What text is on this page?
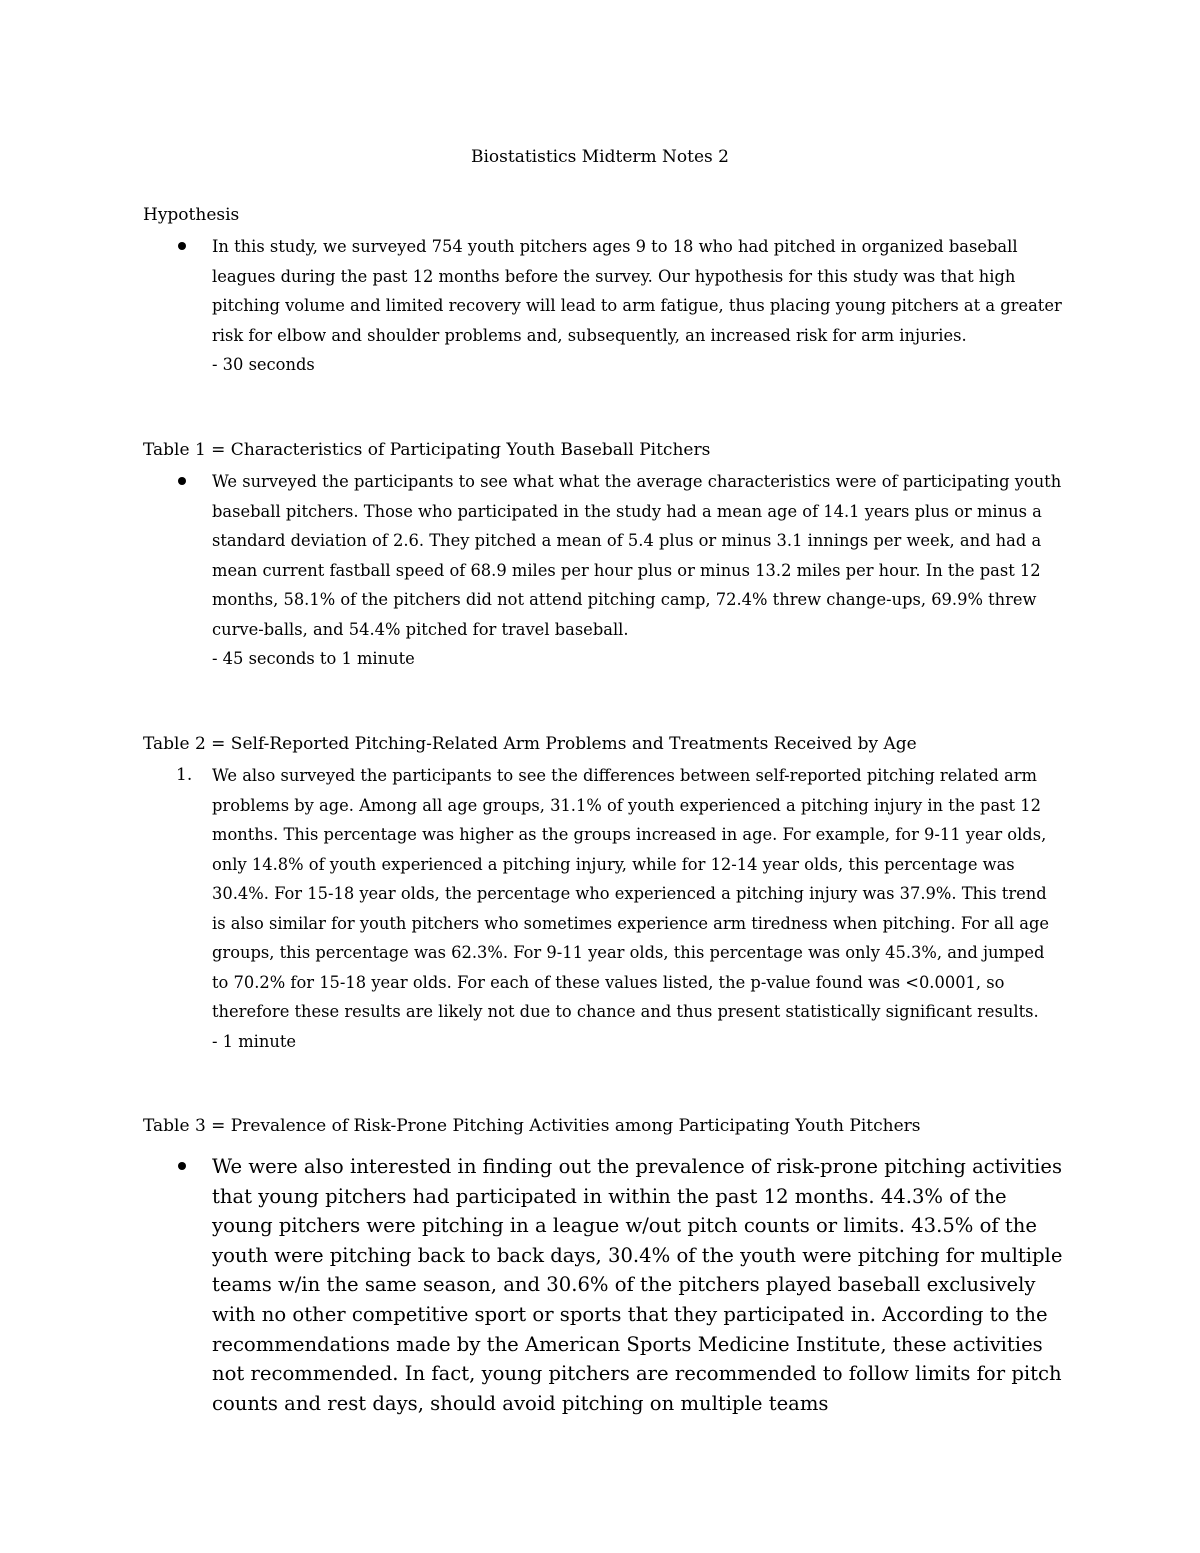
Biostatistics Midterm Notes 2
Hypothesis
In this study, we surveyed 754 youth pitchers ages 9 to 18 who had pitched in organized baseball leagues during the past 12 months before the survey. Our hypothesis for this study was that high pitching volume and limited recovery will lead to arm fatigue, thus placing young pitchers at a greater risk for elbow and shoulder problems and, subsequently, an increased risk for arm injuries.
- 30 seconds
Table 1 = Characteristics of Participating Youth Baseball Pitchers
We surveyed the participants to see what what the average characteristics were of participating youth baseball pitchers. Those who participated in the study had a mean age of 14.1 years plus or minus a standard deviation of 2.6. They pitched a mean of 5.4 plus or minus 3.1 innings per week, and had a mean current fastball speed of 68.9 miles per hour plus or minus 13.2 miles per hour. In the past 12 months, 58.1% of the pitchers did not attend pitching camp, 72.4% threw change-ups, 69.9% threw curve-balls, and 54.4% pitched for travel baseball.
- 45 seconds to 1 minute
Table 2 = Self-Reported Pitching-Related Arm Problems and Treatments Received by Age
1.	We also surveyed the participants to see the differences between self-reported pitching related arm problems by age. Among all age groups, 31.1% of youth experienced a pitching injury in the past 12 months. This percentage was higher as the groups increased in age. For example, for 9-11 year olds, only 14.8% of youth experienced a pitching injury, while for 12-14 year olds, this percentage was 30.4%. For 15-18 year olds, the percentage who experienced a pitching injury was 37.9%. This trend is also similar for youth pitchers who sometimes experience arm tiredness when pitching. For all age groups, this percentage was 62.3%. For 9-11 year olds, this percentage was only 45.3%, and jumped to 70.2% for 15-18 year olds. For each of these values listed, the p-value found was <0.0001, so therefore these results are likely not due to chance and thus present statistically significant results.
- 1 minute
Table 3 = Prevalence of Risk-Prone Pitching Activities among Participating Youth Pitchers
We were also interested in finding out the prevalence of risk-prone pitching activities that young pitchers had participated in within the past 12 months. 44.3% of the young pitchers were pitching in a league w/out pitch counts or limits. 43.5% of the youth were pitching back to back days, 30.4% of the youth were pitching for multiple teams w/in the same season, and 30.6% of the pitchers played baseball exclusively with no other competitive sport or sports that they participated in. According to the recommendations made by the American Sports Medicine Institute, these activities not recommended. In fact, young pitchers are recommended to follow limits for pitch counts and rest days, should avoid pitching on multiple teams
